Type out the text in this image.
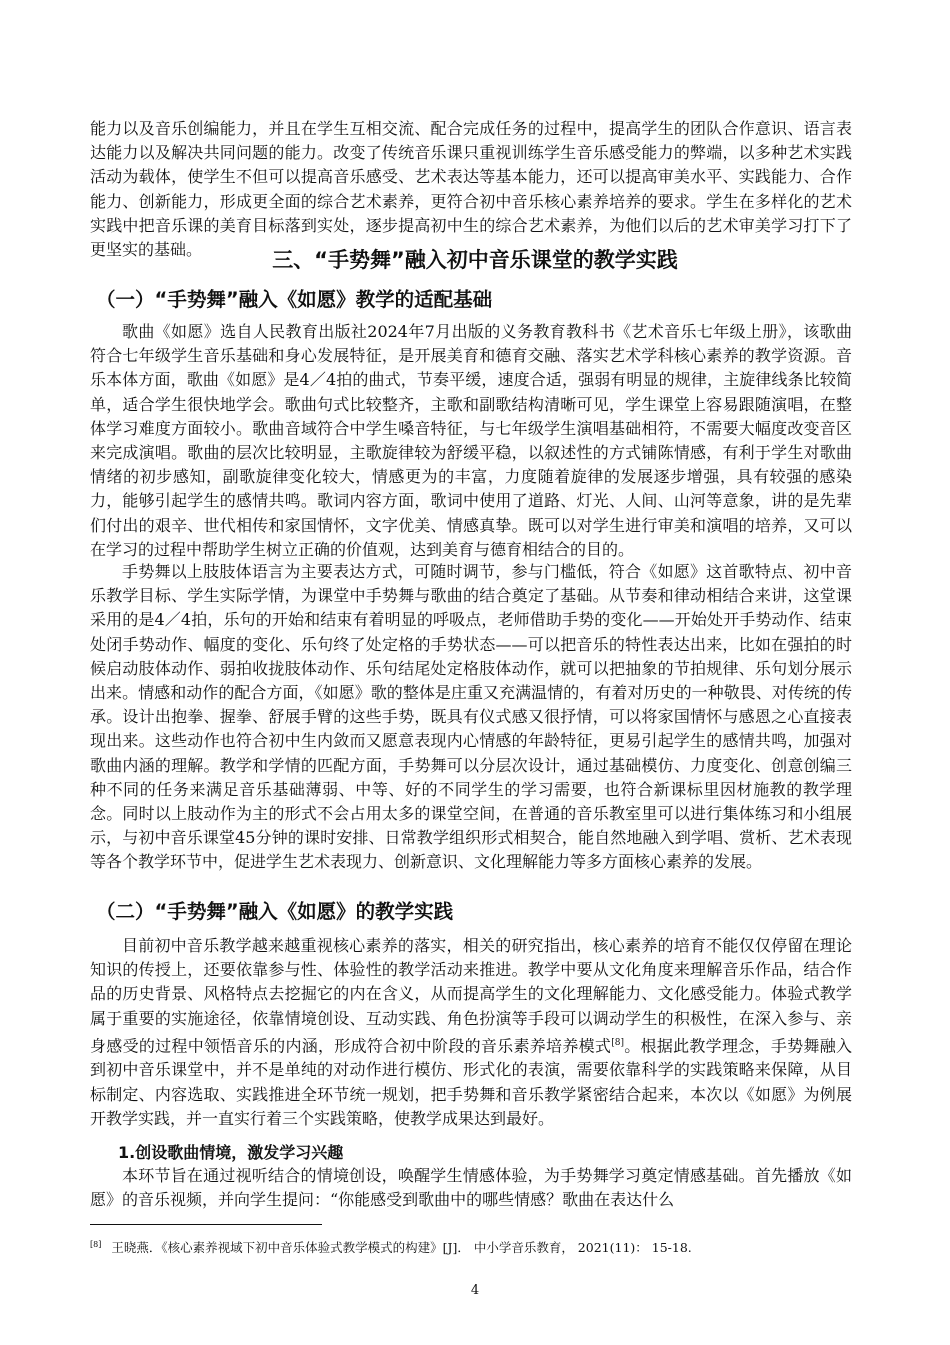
能力以及音乐创编能力，并且在学生互相交流、配合完成任务的过程中，提高学生的团队合作意识、语言表达能力以及解决共同问题的能力。改变了传统音乐课只重视训练学生音乐感受能力的弊端，以多种艺术实践活动为载体，使学生不但可以提高音乐感受、艺术表达等基本能力，还可以提高审美水平、实践能力、合作能力、创新能力，形成更全面的综合艺术素养，更符合初中音乐核心素养培养的要求。学生在多样化的艺术实践中把音乐课的美育目标落到实处，逐步提高初中生的综合艺术素养，为他们以后的艺术审美学习打下了更坚实的基础。	三、“手势舞”融入初中音乐课堂的教学实践
（一）“手势舞”融入《如愿》教学的适配基础

歌曲《如愿》选自人民教育出版社2024年7月出版的义务教育教科书《艺术音乐七年级上册》，该歌曲符合七年级学生音乐基础和身心发展特征，是开展美育和德育交融、落实艺术学科核心素养的教学资源。音乐本体方面，歌曲《如愿》是4／4拍的曲式，节奏平缓，速度合适，强弱有明显的规律，主旋律线条比较简单，适合学生很快地学会。歌曲句式比较整齐，主歌和副歌结构清晰可见，学生课堂上容易跟随演唱，在整体学习难度方面较小。歌曲音域符合中学生嗓音特征，与七年级学生演唱基础相符，不需要大幅度改变音区来完成演唱。歌曲的层次比较明显，主歌旋律较为舒缓平稳，以叙述性的方式铺陈情感，有利于学生对歌曲情绪的初步感知，副歌旋律变化较大，情感更为的丰富，力度随着旋律的发展逐步增强，具有较强的感染力，能够引起学生的感情共鸣。歌词内容方面，歌词中使用了道路、灯光、人间、山河等意象，讲的是先辈们付出的艰辛、世代相传和家国情怀，文字优美、情感真挚。既可以对学生进行审美和演唱的培养，又可以在学习的过程中帮助学生树立正确的价值观，达到美育与德育相结合的目的。

手势舞以上肢肢体语言为主要表达方式，可随时调节，参与门槛低，符合《如愿》这首歌特点、初中音乐教学目标、学生实际学情，为课堂中手势舞与歌曲的结合奠定了基础。从节奏和律动相结合来讲，这堂课采用的是4／4拍，乐句的开始和结束有着明显的呼吸点，老师借助手势的变化——开始处开手势动作、结束处闭手势动作、幅度的变化、乐句终了处定格的手势状态——可以把音乐的特性表达出来，比如在强拍的时候启动肢体动作、弱拍收拢肢体动作、乐句结尾处定格肢体动作，就可以把抽象的节拍规律、乐句划分展示出来。情感和动作的配合方面，《如愿》歌的整体是庄重又充满温情的，有着对历史的一种敬畏、对传统的传承。设计出抱拳、握拳、舒展手臂的这些手势，既具有仪式感又很抒情，可以将家国情怀与感恩之心直接表现出来。这些动作也符合初中生内敛而又愿意表现内心情感的年龄特征，更易引起学生的感情共鸣，加强对歌曲内涵的理解。教学和学情的匹配方面，手势舞可以分层次设计，通过基础模仿、力度变化、创意创编三种不同的任务来满足音乐基础薄弱、中等、好的不同学生的学习需要，也符合新课标里因材施教的教学理念。同时以上肢动作为主的形式不会占用太多的课堂空间，在普通的音乐教室里可以进行集体练习和小组展示，与初中音乐课堂45分钟的课时安排、日常教学组织形式相契合，能自然地融入到学唱、赏析、艺术表现等各个教学环节中，促进学生艺术表现力、创新意识、文化理解能力等多方面核心素养的发展。

（二）“手势舞”融入《如愿》的教学实践

目前初中音乐教学越来越重视核心素养的落实，相关的研究指出，核心素养的培育不能仅仅停留在理论知识的传授上，还要依靠参与性、体验性的教学活动来推进。教学中要从文化角度来理解音乐作品，结合作品的历史背景、风格特点去挖掘它的内在含义，从而提高学生的文化理解能力、文化感受能力。体验式教学属于重要的实施途径，依靠情境创设、互动实践、角色扮演等手段可以调动学生的积极性，在深入参与、亲身感受的过程中领悟音乐的内涵，形成符合初中阶段的音乐素养培养模式[8]。根据此教学理念，手势舞融入到初中音乐课堂中，并不是单纯的对动作进行模仿、形式化的表演，需要依靠科学的实践策略来保障，从目标制定、内容选取、实践推进全环节统一规划，把手势舞和音乐教学紧密结合起来，本次以《如愿》为例展开教学实践，并一直实行着三个实践策略，使教学成果达到最好。

1.创设歌曲情境，激发学习兴趣

本环节旨在通过视听结合的情境创设，唤醒学生情感体验，为手势舞学习奠定情感基础。首先播放《如愿》的音乐视频，并向学生提问：“你能感受到歌曲中的哪些情感？歌曲在表达什么

[8] 王晓燕．《核心素养视域下初中音乐体验式教学模式的构建》[J]． 中小学音乐教育， 2021(11)： 15-18.

4
